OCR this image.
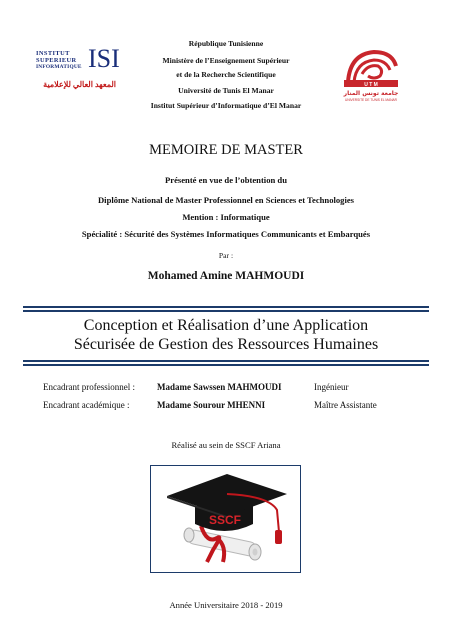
INSTITUT
SUPERIEUR
INFORMATIQUE ISI
المعهد العالي للإعلامية
République Tunisienne
Ministère de l’Enseignement Supérieur
et de la Recherche Scientifique
Université de Tunis El Manar
Institut Supérieur d’Informatique d’El Manar
U T M
جامعة تونس المنار
UNIVERSITE DE TUNIS EL MANAR
MEMOIRE DE MASTER
Présenté en vue de l’obtention du
Diplôme National de Master Professionnel en Sciences et Technologies
Mention : Informatique
Spécialité : Sécurité des Systèmes Informatiques Communicants et Embarqués
Par :
Mohamed Amine MAHMOUDI
Conception et Réalisation d’une Application
Sécurisée de Gestion des Ressources Humaines
Encadrant professionnel : Madame Sawssen MAHMOUDI	Ingénieur
Encadrant académique :	Madame Sourour MHENNI	Maître Assistante
Réalisé au sein de SSCF Ariana
SSCF
Année Universitaire 2018 - 2019
